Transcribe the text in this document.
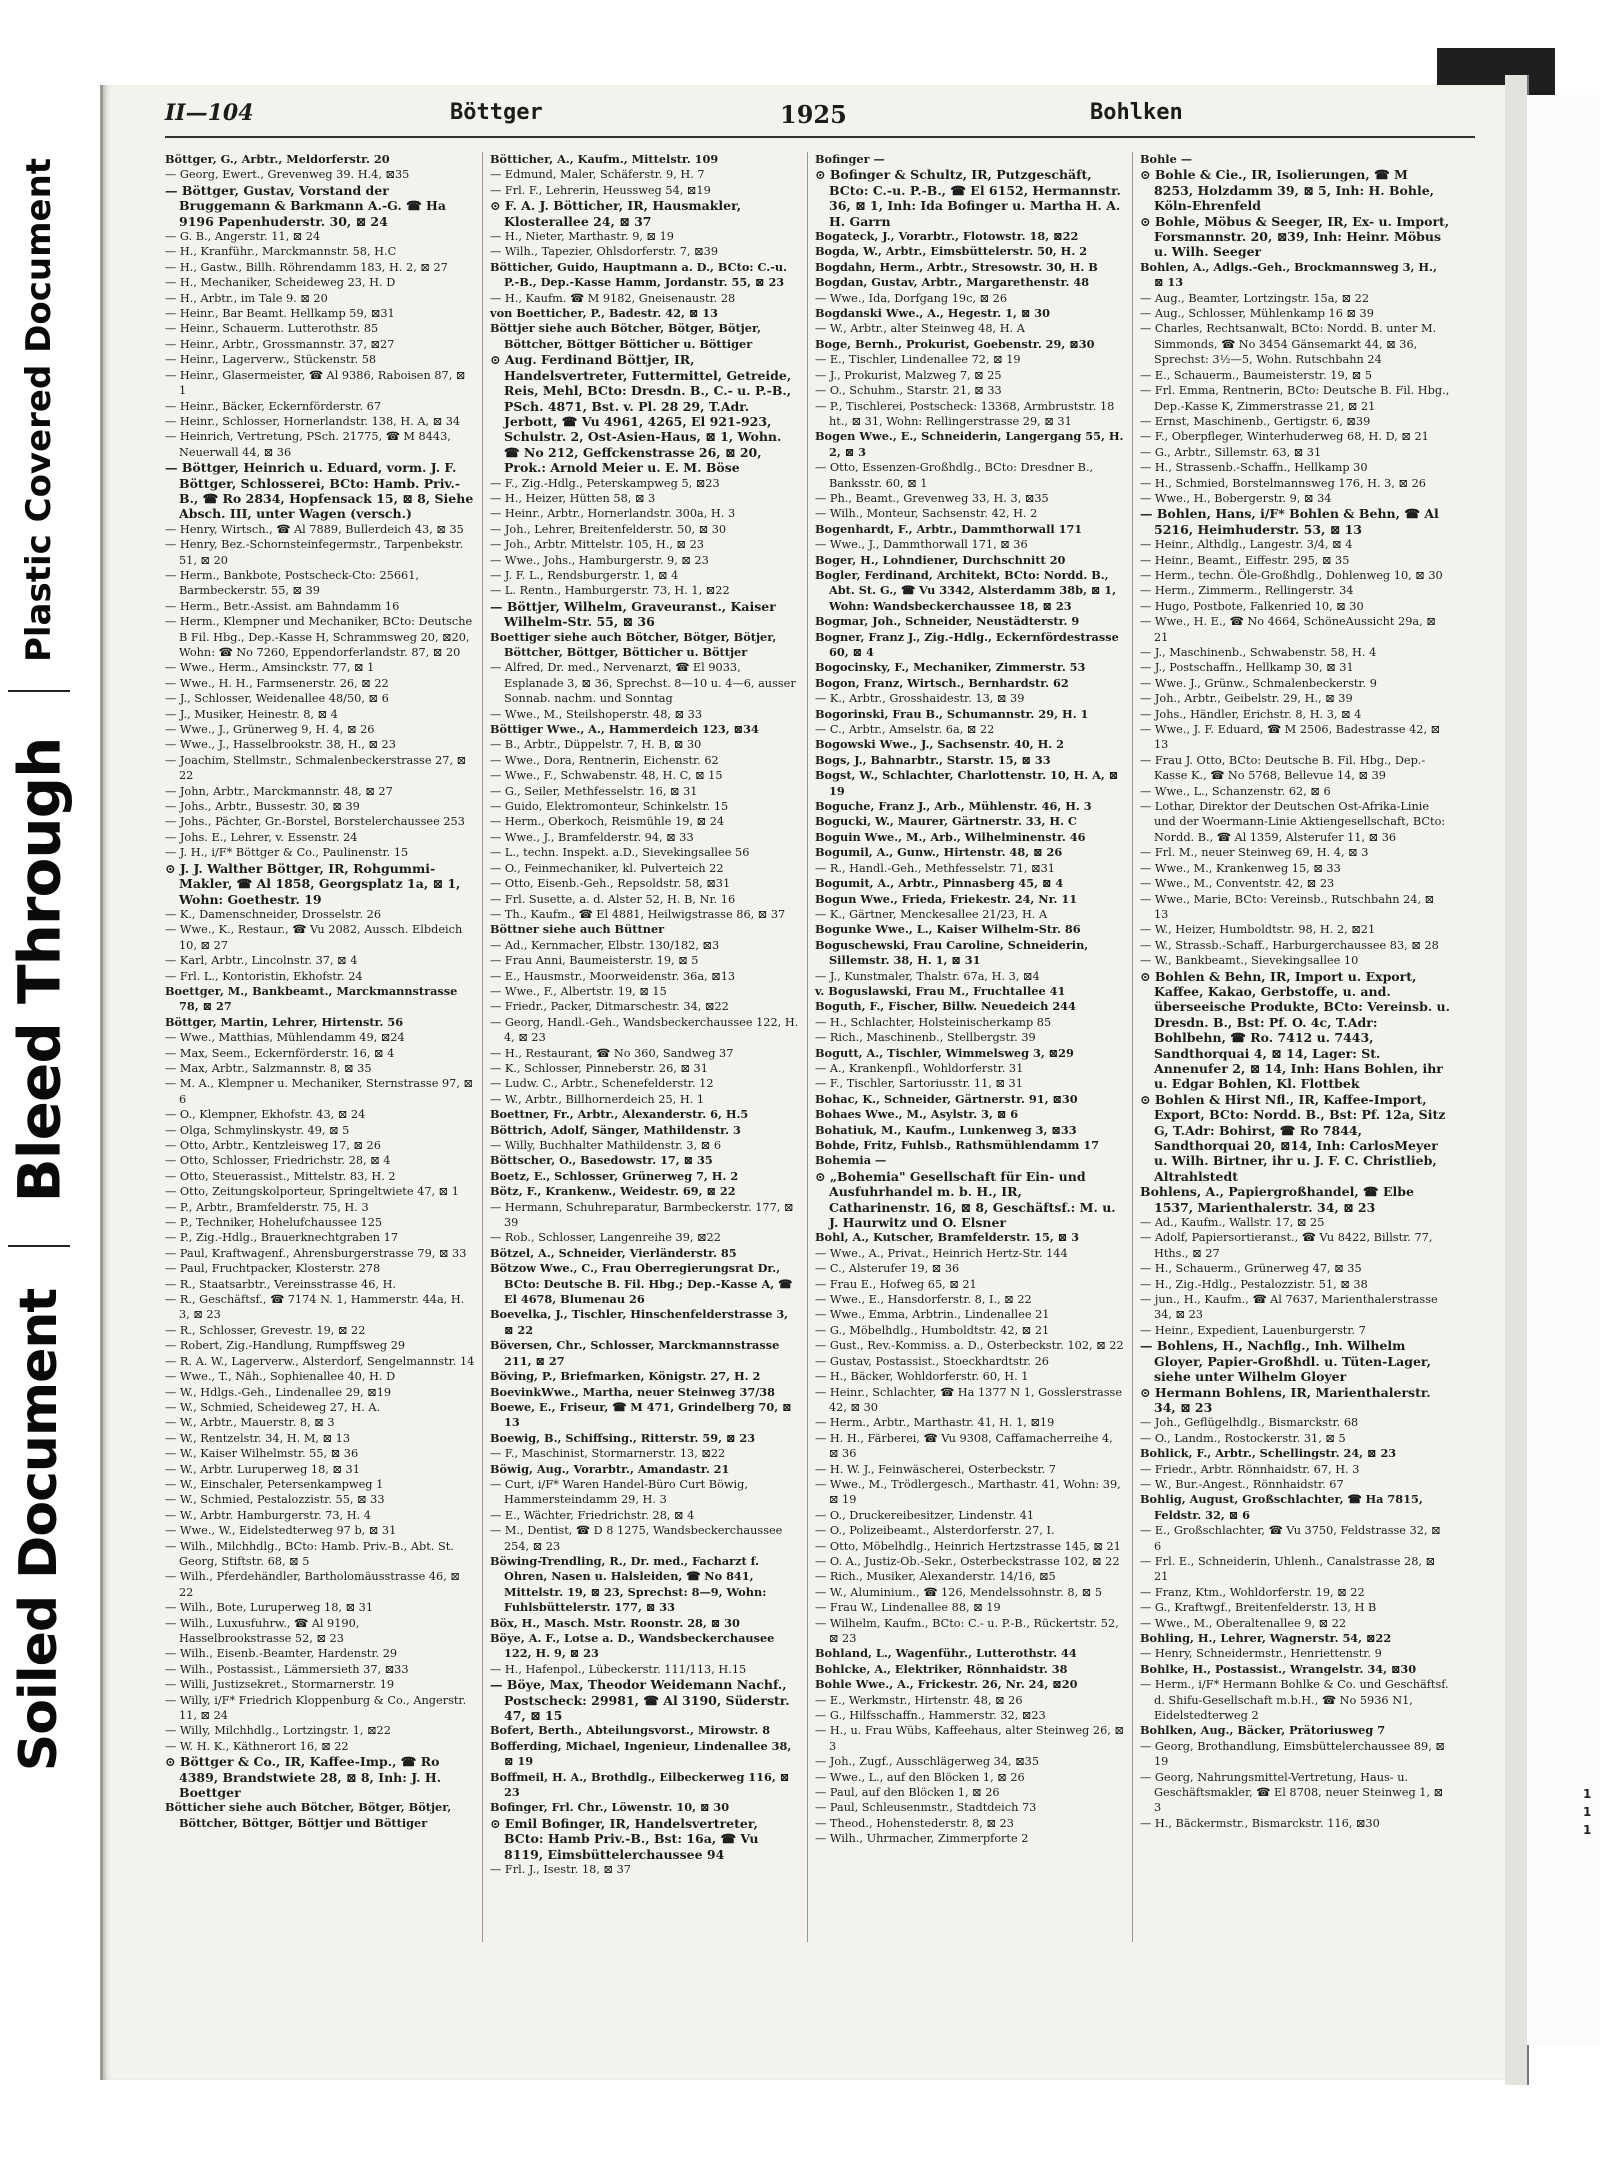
Plastic Covered Document
Bleed Through
Soiled Document
1
1
1
II—104	Böttger	1925	Bohlken

Böttger, G., Arbtr., Meldorferstr. 20

— Georg, Ewert., Grevenweg 39. H.4, ⊠35

— Böttger, Gustav, Vorstand der Bruggemann & Barkmann A.-G. ☎ Ha 9196 Papenhuderstr. 30, ⊠ 24

— G. B., Angerstr. 11, ⊠ 24

— H., Kranführ., Marckmannstr. 58, H.C

— H., Gastw., Billh. Röhrendamm 183, H. 2, ⊠ 27

— H., Mechaniker, Scheideweg 23, H. D

— H., Arbtr., im Tale 9. ⊠ 20

— Heinr., Bar Beamt. Hellkamp 59, ⊠31

— Heinr., Schauerm. Lutterothstr. 85

— Heinr., Arbtr., Grossmannstr. 37, ⊠27

— Heinr., Lagerverw., Stückenstr. 58

— Heinr., Glasermeister, ☎ Al 9386, Raboisen 87, ⊠ 1

— Heinr., Bäcker, Eckernförderstr. 67

— Heinr., Schlosser, Hornerlandstr. 138, H. A, ⊠ 34

— Heinrich, Vertretung, PSch. 21775, ☎ M 8443, Neuerwall 44, ⊠ 36

— Böttger, Heinrich u. Eduard, vorm. J. F. Böttger, Schlosserei, BCto: Hamb. Priv.-B., ☎ Ro 2834, Hopfensack 15, ⊠ 8, Siehe Absch. III, unter Wagen (versch.)

— Henry, Wirtsch., ☎ Al 7889, Bullerdeich 43, ⊠ 35

— Henry, Bez.-Schornsteinfegermstr., Tarpenbekstr. 51, ⊠ 20

— Herm., Bankbote, Postscheck-Cto: 25661, Barmbeckerstr. 55, ⊠ 39

— Herm., Betr.-Assist. am Bahndamm 16

— Herm., Klempner und Mechaniker, BCto: Deutsche B Fil. Hbg., Dep.-Kasse H, Schrammsweg 20, ⊠20, Wohn: ☎ No 7260, Eppendorferlandstr. 87, ⊠ 20

— Wwe., Herm., Amsinckstr. 77, ⊠ 1

— Wwe., H. H., Farmsenerstr. 26, ⊠ 22

— J., Schlosser, Weidenallee 48/50, ⊠ 6

— J., Musiker, Heinestr. 8, ⊠ 4

— Wwe., J., Grünerweg 9, H. 4, ⊠ 26

— Wwe., J., Hasselbrookstr. 38, H., ⊠ 23

— Joachim, Stellmstr., Schmalenbeckerstrasse 27, ⊠ 22

— John, Arbtr., Marckmannstr. 48, ⊠ 27

— Johs., Arbtr., Bussestr. 30, ⊠ 39

— Johs., Pächter, Gr.-Borstel, Borstelerchaussee 253

— Johs. E., Lehrer, v. Essenstr. 24

— J. H., i/F* Böttger & Co., Paulinenstr. 15

⊙ J. J. Walther Böttger, IR, Rohgummi-Makler, ☎ Al 1858, Georgsplatz 1a, ⊠ 1, Wohn: Goethestr. 19

— K., Damenschneider, Drosselstr. 26

— Wwe., K., Restaur., ☎ Vu 2082, Aussch. Elbdeich 10, ⊠ 27

— Karl, Arbtr., Lincolnstr. 37, ⊠ 4

— Frl. L., Kontoristin, Ekhofstr. 24

Boettger, M., Bankbeamt., Marckmannstrasse 78, ⊠ 27

Böttger, Martin, Lehrer, Hirtenstr. 56

— Wwe., Matthias, Mühlendamm 49, ⊠24

— Max, Seem., Eckernförderstr. 16, ⊠ 4

— Max, Arbtr., Salzmannstr. 8, ⊠ 35

— M. A., Klempner u. Mechaniker, Sternstrasse 97, ⊠ 6

— O., Klempner, Ekhofstr. 43, ⊠ 24

— Olga, Schmylinskystr. 49, ⊠ 5

— Otto, Arbtr., Kentzleisweg 17, ⊠ 26

— Otto, Schlosser, Friedrichstr. 28, ⊠ 4

— Otto, Steuerassist., Mittelstr. 83, H. 2

— Otto, Zeitungskolporteur, Springeltwiete 47, ⊠ 1

— P., Arbtr., Bramfelderstr. 75, H. 3

— P., Techniker, Hohelufchaussee 125

— P., Zig.-Hdlg., Brauerknechtgraben 17

— Paul, Kraftwagenf., Ahrensburgerstrasse 79, ⊠ 33

— Paul, Fruchtpacker, Klosterstr. 278

— R., Staatsarbtr., Vereinsstrasse 46, H.

— R., Geschäftsf., ☎ 7174 N. 1, Hammerstr. 44a, H. 3, ⊠ 23

— R., Schlosser, Grevestr. 19, ⊠ 22

— Robert, Zig.-Handlung, Rumpffsweg 29

— R. A. W., Lagerverw., Alsterdorf, Sengelmannstr. 14

— Wwe., T., Näh., Sophienallee 40, H. D

— W., Hdlgs.-Geh., Lindenallee 29, ⊠19

— W., Schmied, Scheideweg 27, H. A.

— W., Arbtr., Mauerstr. 8, ⊠ 3

— W., Rentzelstr. 34, H. M, ⊠ 13

— W., Kaiser Wilhelmstr. 55, ⊠ 36

— W., Arbtr. Luruperweg 18, ⊠ 31

— W., Einschaler, Petersenkampweg 1

— W., Schmied, Pestalozzistr. 55, ⊠ 33

— W., Arbtr. Hamburgerstr. 73, H. 4

— Wwe., W., Eidelstedterweg 97 b, ⊠ 31

— Wilh., Milchhdlg., BCto: Hamb. Priv.-B., Abt. St. Georg, Stiftstr. 68, ⊠ 5

— Wilh., Pferdehändler, Bartholomäusstrasse 46, ⊠ 22

— Wilh., Bote, Luruperweg 18, ⊠ 31

— Wilh., Luxusfuhrw., ☎ Al 9190, Hasselbrookstrasse 52, ⊠ 23

— Wilh., Eisenb.-Beamter, Hardenstr. 29

— Wilh., Postassist., Lämmersieth 37, ⊠33

— Willi, Justizsekret., Stormarnerstr. 19

— Willy, i/F* Friedrich Kloppenburg & Co., Angerstr. 11, ⊠ 24

— Willy, Milchhdlg., Lortzingstr. 1, ⊠22

— W. H. K., Käthnerort 16, ⊠ 22

⊙ Böttger & Co., IR, Kaffee-Imp., ☎ Ro 4389, Brandstwiete 28, ⊠ 8, Inh: J. H. Boettger

Bötticher siehe auch Bötcher, Bötger, Bötjer, Böttcher, Böttger, Böttjer und Böttiger

Bötticher, A., Kaufm., Mittelstr. 109

— Edmund, Maler, Schäferstr. 9, H. 7

— Frl. F., Lehrerin, Heussweg 54, ⊠19

⊙ F. A. J. Bötticher, IR, Hausmakler, Klosterallee 24, ⊠ 37

— H., Nieter, Marthastr. 9, ⊠ 19

— Wilh., Tapezier, Ohlsdorferstr. 7, ⊠39

Bötticher, Guido, Hauptmann a. D., BCto: C.-u. P.-B., Dep.-Kasse Hamm, Jordanstr. 55, ⊠ 23

— H., Kaufm. ☎ M 9182, Gneisenaustr. 28

von Boetticher, P., Badestr. 42, ⊠ 13

Böttjer siehe auch Bötcher, Bötger, Bötjer, Böttcher, Böttger Bötticher u. Böttiger

⊙ Aug. Ferdinand Böttjer, IR, Handelsvertreter, Futtermittel, Getreide, Reis, Mehl, BCto: Dresdn. B., C.- u. P.-B., PSch. 4871, Bst. v. Pl. 28 29, T.Adr. Jerbott, ☎ Vu 4961, 4265, El 921-923, Schulstr. 2, Ost-Asien-Haus, ⊠ 1, Wohn. ☎ No 212, Geffckenstrasse 26, ⊠ 20, Prok.: Arnold Meier u. E. M. Böse

— F., Zig.-Hdlg., Peterskampweg 5, ⊠23

— H., Heizer, Hütten 58, ⊠ 3

— Heinr., Arbtr., Hornerlandstr. 300a, H. 3

— Joh., Lehrer, Breitenfelderstr. 50, ⊠ 30

— Joh., Arbtr. Mittelstr. 105, H., ⊠ 23

— Wwe., Johs., Hamburgerstr. 9, ⊠ 23

— J. F. L., Rendsburgerstr. 1, ⊠ 4

— L. Rentn., Hamburgerstr. 73, H. 1, ⊠22

— Böttjer, Wilhelm, Graveuranst., Kaiser Wilhelm-Str. 55, ⊠ 36

Boettiger siehe auch Bötcher, Bötger, Bötjer, Böttcher, Böttger, Bötticher u. Böttjer

— Alfred, Dr. med., Nervenarzt, ☎ El 9033, Esplanade 3, ⊠ 36, Sprechst. 8—10 u. 4—6, ausser Sonnab. nachm. und Sonntag

— Wwe., M., Steilshoperstr. 48, ⊠ 33

Böttiger Wwe., A., Hammerdeich 123, ⊠34

— B., Arbtr., Düppelstr. 7, H. B, ⊠ 30

— Wwe., Dora, Rentnerin, Eichenstr. 62

— Wwe., F., Schwabenstr. 48, H. C, ⊠ 15

— G., Seiler, Methfesselstr. 16, ⊠ 31

— Guido, Elektromonteur, Schinkelstr. 15

— Herm., Oberkoch, Reismühle 19, ⊠ 24

— Wwe., J., Bramfelderstr. 94, ⊠ 33

— L., techn. Inspekt. a.D., Sievekingsallee 56

— O., Feinmechaniker, kl. Pulverteich 22

— Otto, Eisenb.-Geh., Repsoldstr. 58, ⊠31

— Frl. Susette, a. d. Alster 52, H. B, Nr. 16

— Th., Kaufm., ☎ El 4881, Heilwigstrasse 86, ⊠ 37

Böttner siehe auch Büttner

— Ad., Kernmacher, Elbstr. 130/182, ⊠3

— Frau Anni, Baumeisterstr. 19, ⊠ 5

— E., Hausmstr., Moorweidenstr. 36a, ⊠13

— Wwe., F., Albertstr. 19, ⊠ 15

— Friedr., Packer, Ditmarschestr. 34, ⊠22

— Georg, Handl.-Geh., Wandsbeckerchaussee 122, H. 4, ⊠ 23

— H., Restaurant, ☎ No 360, Sandweg 37

— K., Schlosser, Pinneberstr. 26, ⊠ 31

— Ludw. C., Arbtr., Schenefelderstr. 12

— W., Arbtr., Billhornerdeich 25, H. 1

Boettner, Fr., Arbtr., Alexanderstr. 6, H.5

Böttrich, Adolf, Sänger, Mathildenstr. 3

— Willy, Buchhalter Mathildenstr. 3, ⊠ 6

Böttscher, O., Basedowstr. 17, ⊠ 35

Boetz, E., Schlosser, Grünerweg 7, H. 2

Bötz, F., Krankenw., Weidestr. 69, ⊠ 22

— Hermann, Schuhreparatur, Barmbeckerstr. 177, ⊠ 39

— Rob., Schlosser, Langenreihe 39, ⊠22

Bötzel, A., Schneider, Vierländerstr. 85

Bötzow Wwe., C., Frau Oberregierungsrat Dr., BCto: Deutsche B. Fil. Hbg.; Dep.-Kasse A, ☎ El 4678, Blumenau 26

Boevelka, J., Tischler, Hinschenfelderstrasse 3, ⊠ 22

Böversen, Chr., Schlosser, Marckmannstrasse 211, ⊠ 27

Böving, P., Briefmarken, Königstr. 27, H. 2

BoevinkWwe., Martha, neuer Steinweg 37/38

Boewe, E., Friseur, ☎ M 471, Grindelberg 70, ⊠ 13

Boewig, B., Schiffsing., Ritterstr. 59, ⊠ 23

— F., Maschinist, Stormarnerstr. 13, ⊠22

Böwig, Aug., Vorarbtr., Amandastr. 21

— Curt, i/F* Waren Handel-Büro Curt Böwig, Hammersteindamm 29, H. 3

— E., Wächter, Friedrichstr. 28, ⊠ 4

— M., Dentist, ☎ D 8 1275, Wandsbeckerchaussee 254, ⊠ 23

Böwing-Trendling, R., Dr. med., Facharzt f. Ohren, Nasen u. Halsleiden, ☎ No 841, Mittelstr. 19, ⊠ 23, Sprechst: 8—9, Wohn: Fuhlsbüttelerstr. 177, ⊠ 33

Böx, H., Masch. Mstr. Roonstr. 28, ⊠ 30

Böye, A. F., Lotse a. D., Wandsbeckerchausee 122, H. 9, ⊠ 23

— H., Hafenpol., Lübeckerstr. 111/113, H.15

— Böye, Max, Theodor Weidemann Nachf., Postscheck: 29981, ☎ Al 3190, Süderstr. 47, ⊠ 15

Bofert, Berth., Abteilungsvorst., Mirowstr. 8

Bofferding, Michael, Ingenieur, Lindenallee 38, ⊠ 19

Boffmeil, H. A., Brothdlg., Eilbeckerweg 116, ⊠ 23

Bofinger, Frl. Chr., Löwenstr. 10, ⊠ 30

⊙ Emil Bofinger, IR, Handelsvertreter, BCto: Hamb Priv.-B., Bst: 16a, ☎ Vu 8119, Eimsbüttelerchaussee 94

— Frl. J., Isestr. 18, ⊠ 37

Bofinger —

⊙ Bofinger & Schultz, IR, Putzgeschäft, BCto: C.-u. P.-B., ☎ El 6152, Hermannstr. 36, ⊠ 1, Inh: Ida Bofinger u. Martha H. A. H. Garrn

Bogateck, J., Vorarbtr., Flotowstr. 18, ⊠22

Bogda, W., Arbtr., Eimsbüttelerstr. 50, H. 2

Bogdahn, Herm., Arbtr., Stresowstr. 30, H. B

Bogdan, Gustav, Arbtr., Margarethenstr. 48

— Wwe., Ida, Dorfgang 19c, ⊠ 26

Bogdanski Wwe., A., Hegestr. 1, ⊠ 30

— W., Arbtr., alter Steinweg 48, H. A

Boge, Bernh., Prokurist, Goebenstr. 29, ⊠30

— E., Tischler, Lindenallee 72, ⊠ 19

— J., Prokurist, Malzweg 7, ⊠ 25

— O., Schuhm., Starstr. 21, ⊠ 33

— P., Tischlerei, Postscheck: 13368, Armbruststr. 18 ht., ⊠ 31, Wohn: Rellingerstrasse 29, ⊠ 31

Bogen Wwe., E., Schneiderin, Langergang 55, H. 2, ⊠ 3

— Otto, Essenzen-Großhdlg., BCto: Dresdner B., Banksstr. 60, ⊠ 1

— Ph., Beamt., Grevenweg 33, H. 3, ⊠35

— Wilh., Monteur, Sachsenstr. 42, H. 2

Bogenhardt, F., Arbtr., Dammthorwall 171

— Wwe., J., Dammthorwall 171, ⊠ 36

Boger, H., Lohndiener, Durchschnitt 20

Bogler, Ferdinand, Architekt, BCto: Nordd. B., Abt. St. G., ☎ Vu 3342, Alsterdamm 38b, ⊠ 1, Wohn: Wandsbeckerchaussee 18, ⊠ 23

Bogmar, Joh., Schneider, Neustädterstr. 9

Bogner, Franz J., Zig.-Hdlg., Eckernfördestrasse 60, ⊠ 4

Bogocinsky, F., Mechaniker, Zimmerstr. 53

Bogon, Franz, Wirtsch., Bernhardstr. 62

— K., Arbtr., Grosshaidestr. 13, ⊠ 39

Bogorinski, Frau B., Schumannstr. 29, H. 1

— C., Arbtr., Amselstr. 6a, ⊠ 22

Bogowski Wwe., J., Sachsenstr. 40, H. 2

Bogs, J., Bahnarbtr., Starstr. 15, ⊠ 33

Bogst, W., Schlachter, Charlottenstr. 10, H. A, ⊠ 19

Boguche, Franz J., Arb., Mühlenstr. 46, H. 3

Bogucki, W., Maurer, Gärtnerstr. 33, H. C

Boguin Wwe., M., Arb., Wilhelminenstr. 46

Bogumil, A., Gunw., Hirtenstr. 48, ⊠ 26

— R., Handl.-Geh., Methfesselstr. 71, ⊠31

Bogumit, A., Arbtr., Pinnasberg 45, ⊠ 4

Bogun Wwe., Frieda, Friekestr. 24, Nr. 11

— K., Gärtner, Menckesallee 21/23, H. A

Bogunke Wwe., L., Kaiser Wilhelm-Str. 86

Boguschewski, Frau Caroline, Schneiderin, Sillemstr. 38, H. 1, ⊠ 31

— J., Kunstmaler, Thalstr. 67a, H. 3, ⊠4

v. Boguslawski, Frau M., Fruchtallee 41

Boguth, F., Fischer, Billw. Neuedeich 244

— H., Schlachter, Holsteinischerkamp 85

— Rich., Maschinenb., Stellbergstr. 39

Bogutt, A., Tischler, Wimmelsweg 3, ⊠29

— A., Krankenpfl., Wohldorferstr. 31

— F., Tischler, Sartoriusstr. 11, ⊠ 31

Bohac, K., Schneider, Gärtnerstr. 91, ⊠30

Bohaes Wwe., M., Asylstr. 3, ⊠ 6

Bohatiuk, M., Kaufm., Lunkenweg 3, ⊠33

Bohde, Fritz, Fuhlsb., Rathsmühlendamm 17

Bohemia —

⊙ „Bohemia" Gesellschaft für Ein- und Ausfuhrhandel m. b. H., IR, Catharinenstr. 16, ⊠ 8, Geschäftsf.: M. u. J. Haurwitz und O. Elsner

Bohl, A., Kutscher, Bramfelderstr. 15, ⊠ 3

— Wwe., A., Privat., Heinrich Hertz-Str. 144

— C., Alsterufer 19, ⊠ 36

— Frau E., Hofweg 65, ⊠ 21

— Wwe., E., Hansdorferstr. 8, I., ⊠ 22

— Wwe., Emma, Arbtrin., Lindenallee 21

— G., Möbelhdlg., Humboldtstr. 42, ⊠ 21

— Gust., Rev.-Kommiss. a. D., Osterbeckstr. 102, ⊠ 22

— Gustav, Postassist., Stoeckhardtstr. 26

— H., Bäcker, Wohldorferstr. 60, H. 1

— Heinr., Schlachter, ☎ Ha 1377 N 1, Gosslerstrasse 42, ⊠ 30

— Herm., Arbtr., Marthastr. 41, H. 1, ⊠19

— H. H., Färberei, ☎ Vu 9308, Caffamacherreihe 4, ⊠ 36

— H. W. J., Feinwäscherei, Osterbeckstr. 7

— Wwe., M., Trödlergesch., Marthastr. 41, Wohn: 39, ⊠ 19

— O., Druckereibesitzer, Lindenstr. 41

— O., Polizeibeamt., Alsterdorferstr. 27, I.

— Otto, Möbelhdlg., Heinrich Hertzstrasse 145, ⊠ 21

— O. A., Justiz-Ob.-Sekr., Osterbeckstrasse 102, ⊠ 22

— Rich., Musiker, Alexanderstr. 14/16, ⊠5

— W., Aluminium., ☎ 126, Mendelssohnstr. 8, ⊠ 5

— Frau W., Lindenallee 88, ⊠ 19

— Wilhelm, Kaufm., BCto: C.- u. P.-B., Rückertstr. 52, ⊠ 23

Bohland, L., Wagenführ., Lutterothstr. 44

Bohlcke, A., Elektriker, Rönnhaidstr. 38

Bohle Wwe., A., Frickestr. 26, Nr. 24, ⊠20

— E., Werkmstr., Hirtenstr. 48, ⊠ 26

— G., Hilfsschaffn., Hammerstr. 32, ⊠23

— H., u. Frau Wübs, Kaffeehaus, alter Steinweg 26, ⊠ 3

— Joh., Zugf., Ausschlägerweg 34, ⊠35

— Wwe., L., auf den Blöcken 1, ⊠ 26

— Paul, auf den Blöcken 1, ⊠ 26

— Paul, Schleusenmstr., Stadtdeich 73

— Theod., Hohenstederstr. 8, ⊠ 23

— Wilh., Uhrmacher, Zimmerpforte 2

Bohle —

⊙ Bohle & Cie., IR, Isolierungen, ☎ M 8253, Holzdamm 39, ⊠ 5, Inh: H. Bohle, Köln-Ehrenfeld

⊙ Bohle, Möbus & Seeger, IR, Ex- u. Import, Forsmannstr. 20, ⊠39, Inh: Heinr. Möbus u. Wilh. Seeger

Bohlen, A., Adlgs.-Geh., Brockmannsweg 3, H., ⊠ 13

— Aug., Beamter, Lortzingstr. 15a, ⊠ 22

— Aug., Schlosser, Mühlenkamp 16 ⊠ 39

— Charles, Rechtsanwalt, BCto: Nordd. B. unter M. Simmonds, ☎ No 3454 Gänsemarkt 44, ⊠ 36, Sprechst: 3½—5, Wohn. Rutschbahn 24

— E., Schauerm., Baumeisterstr. 19, ⊠ 5

— Frl. Emma, Rentnerin, BCto: Deutsche B. Fil. Hbg., Dep.-Kasse K, Zimmerstrasse 21, ⊠ 21

— Ernst, Maschinenb., Gertigstr. 6, ⊠39

— F., Oberpfleger, Winterhuderweg 68, H. D, ⊠ 21

— G., Arbtr., Sillemstr. 63, ⊠ 31

— H., Strassenb.-Schaffn., Hellkamp 30

— H., Schmied, Borstelmannsweg 176, H. 3, ⊠ 26

— Wwe., H., Bobergerstr. 9, ⊠ 34

— Bohlen, Hans, i/F* Bohlen & Behn, ☎ Al 5216, Heimhuderstr. 53, ⊠ 13

— Heinr., Althdlg., Langestr. 3/4, ⊠ 4

— Heinr., Beamt., Eiffestr. 295, ⊠ 35

— Herm., techn. Öle-Großhdlg., Dohlenweg 10, ⊠ 30

— Herm., Zimmerm., Rellingerstr. 34

— Hugo, Postbote, Falkenried 10, ⊠ 30

— Wwe., H. E., ☎ No 4664, SchöneAussicht 29a, ⊠ 21

— J., Maschinenb., Schwabenstr. 58, H. 4

— J., Postschaffn., Hellkamp 30, ⊠ 31

— Wwe. J., Grünw., Schmalenbeckerstr. 9

— Joh., Arbtr., Geibelstr. 29, H., ⊠ 39

— Johs., Händler, Erichstr. 8, H. 3, ⊠ 4

— Wwe., J. F. Eduard, ☎ M 2506, Badestrasse 42, ⊠ 13

— Frau J. Otto, BCto: Deutsche B. Fil. Hbg., Dep.-Kasse K., ☎ No 5768, Bellevue 14, ⊠ 39

— Wwe., L., Schanzenstr. 62, ⊠ 6

— Lothar, Direktor der Deutschen Ost-Afrika-Linie und der Woermann-Linie Aktiengesellschaft, BCto: Nordd. B., ☎ Al 1359, Alsterufer 11, ⊠ 36

— Frl. M., neuer Steinweg 69, H. 4, ⊠ 3

— Wwe., M., Krankenweg 15, ⊠ 33

— Wwe., M., Conventstr. 42, ⊠ 23

— Wwe., Marie, BCto: Vereinsb., Rutschbahn 24, ⊠ 13

— W., Heizer, Humboldtstr. 98, H. 2, ⊠21

— W., Strassb.-Schaff., Harburgerchaussee 83, ⊠ 28

— W., Bankbeamt., Sievekingsallee 10

⊙ Bohlen & Behn, IR, Import u. Export, Kaffee, Kakao, Gerbstoffe, u. and. überseeische Produkte, BCto: Vereinsb. u. Dresdn. B., Bst: Pf. O. 4c, T.Adr: Bohlbehn, ☎ Ro. 7412 u. 7443, Sandthorquai 4, ⊠ 14, Lager: St. Annenufer 2, ⊠ 14, Inh: Hans Bohlen, ihr u. Edgar Bohlen, Kl. Flottbek

⊙ Bohlen & Hirst Nfl., IR, Kaffee-Import, Export, BCto: Nordd. B., Bst: Pf. 12a, Sitz G, T.Adr: Bohirst, ☎ Ro 7844, Sandthorquai 20, ⊠14, Inh: CarlosMeyer u. Wilh. Birtner, ihr u. J. F. C. Christlieb, Altrahlstedt

Bohlens, A., Papiergroßhandel, ☎ Elbe 1537, Marienthalerstr. 34, ⊠ 23

— Ad., Kaufm., Wallstr. 17, ⊠ 25

— Adolf, Papiersortieranst., ☎ Vu 8422, Billstr. 77, Hths., ⊠ 27

— H., Schauerm., Grünerweg 47, ⊠ 35

— H., Zig.-Hdlg., Pestalozzistr. 51, ⊠ 38

— jun., H., Kaufm., ☎ Al 7637, Marienthalerstrasse 34, ⊠ 23

— Heinr., Expedient, Lauenburgerstr. 7

— Bohlens, H., Nachflg., Inh. Wilhelm Gloyer, Papier-Großhdl. u. Tüten-Lager, siehe unter Wilhelm Gloyer

⊙ Hermann Bohlens, IR, Marienthalerstr. 34, ⊠ 23

— Joh., Geflügelhdlg., Bismarckstr. 68

— O., Landm., Rostockerstr. 31, ⊠ 5

Bohlick, F., Arbtr., Schellingstr. 24, ⊠ 23

— Friedr., Arbtr. Rönnhaidstr. 67, H. 3

— W., Bur.-Angest., Rönnhaidstr. 67

Bohlig, August, Großschlachter, ☎ Ha 7815, Feldstr. 32, ⊠ 6

— E., Großschlachter, ☎ Vu 3750, Feldstrasse 32, ⊠ 6

— Frl. E., Schneiderin, Uhlenh., Canalstrasse 28, ⊠ 21

— Franz, Ktm., Wohldorferstr. 19, ⊠ 22

— G., Kraftwgf., Breitenfelderstr. 13, H B

— Wwe., M., Oberaltenallee 9, ⊠ 22

Bohling, H., Lehrer, Wagnerstr. 54, ⊠22

— Henry, Schneidermstr., Henriettenstr. 9

Bohlke, H., Postassist., Wrangelstr. 34, ⊠30

— Herm., i/F* Hermann Bohlke & Co. und Geschäftsf. d. Shifu-Gesellschaft m.b.H., ☎ No 5936 N1, Eidelstedterweg 2

Bohlken, Aug., Bäcker, Prätoriusweg 7

— Georg, Brothandlung, Eimsbüttelerchaussee 89, ⊠ 19

— Georg, Nahrungsmittel-Vertretung, Haus- u. Geschäftsmakler, ☎ El 8708, neuer Steinweg 1, ⊠ 3

— H., Bäckermstr., Bismarckstr. 116, ⊠30
